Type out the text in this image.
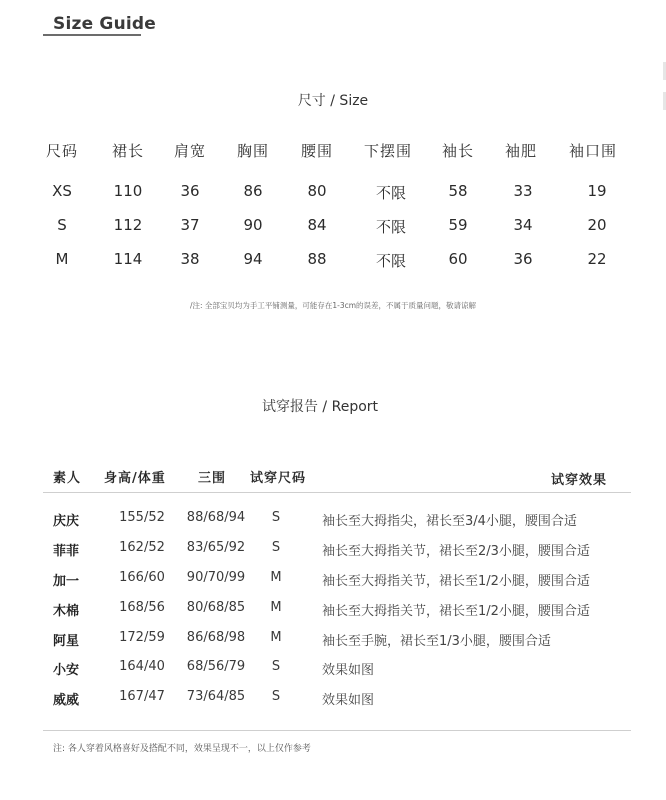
Size Guide
尺寸 / Size
尺码 裙长 肩宽 胸围 腰围 下摆围 袖长 袖肥 袖口围
XS	110	36	86	80	不限	58	33	19
S	112	37	90	84	不限	59	34	20
M	114	38	94	88	不限	60	36	22
/注: 全部宝贝均为手工平铺测量，可能存在1-3cm的误差，不属于质量问题，敬请谅解
试穿报告 / Report
素人 身高/体重 三围 试穿尺码	试穿效果
庆庆	155/52 88/68/94 S	袖长至大拇指尖，裙长至3/4小腿，腰围合适
菲菲	162/52 83/65/92 S	袖长至大拇指关节，裙长至2/3小腿，腰围合适
加一	166/60 90/70/99 M	袖长至大拇指关节，裙长至1/2小腿，腰围合适
木棉	168/56 80/68/85 M	袖长至大拇指关节，裙长至1/2小腿，腰围合适
阿星	172/59 86/68/98 M	袖长至手腕，裙长至1/3小腿，腰围合适
小安	164/40 68/56/79 S	效果如图
威威	167/47 73/64/85 S	效果如图
注: 各人穿着风格喜好及搭配不同，效果呈现不一，以上仅作参考
